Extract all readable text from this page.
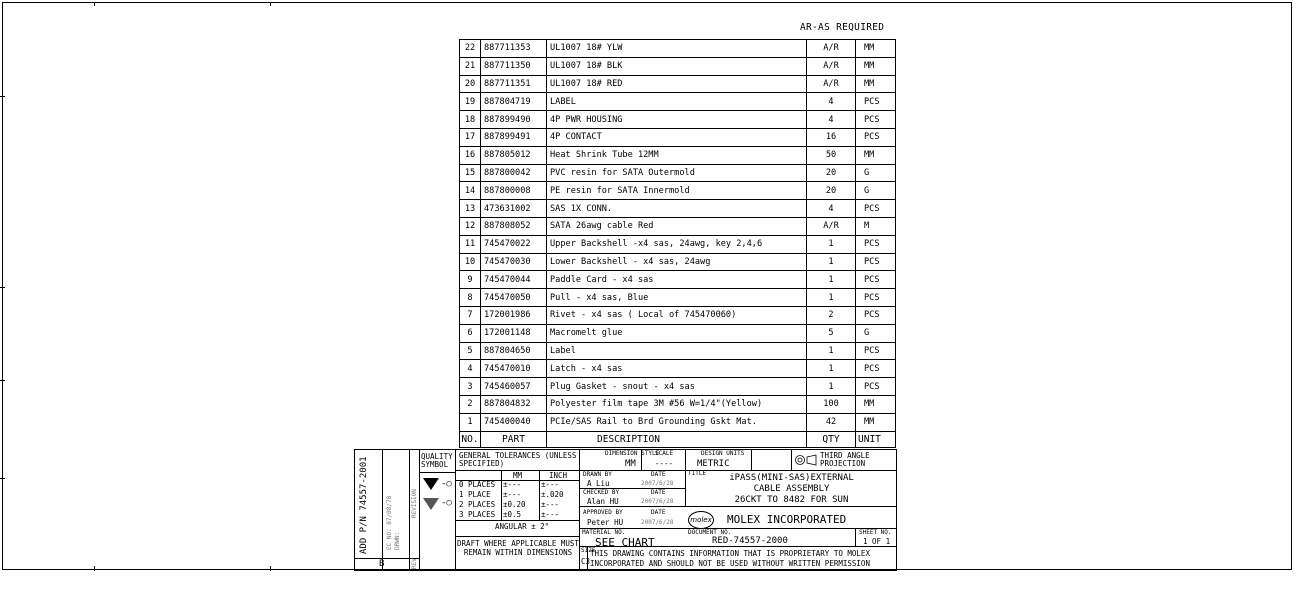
AR-AS REQUIRED
22	887711353	UL1007 18# YLW	A/R	MM
21	887711350	UL1007 18# BLK	A/R	MM
20	887711351	UL1007 18# RED	A/R	MM
19	887804719	LABEL	4	PCS
18	887899490	4P PWR HOUSING	4	PCS
17	887899491	4P CONTACT	16	PCS
16	887805012	Heat Shrink Tube 12MM	50	MM
15	887800042	PVC resin for SATA Outermold	20	G
14	887800008	PE resin for SATA Innermold	20	G
13	473631002	SAS 1X CONN.	4	PCS
12	887808052	SATA 26awg cable Red	A/R	M
11	745470022	Upper Backshell -x4 sas, 24awg, key 2,4,6	1	PCS
10	745470030	Lower Backshell - x4 sas, 24awg	1	PCS
9	745470044	Paddle Card - x4 sas	1	PCS
8	745470050	Pull - x4 sas, Blue	1	PCS
7	172001986	Rivet - x4 sas ( Local of 745470060)	2	PCS
6	172001148	Macromelt glue	5	G
5	887804650	Label	1	PCS
4	745470010	Latch - x4 sas	1	PCS
3	745460057	Plug Gasket - snout - x4 sas	1	PCS
2	887804832	Polyester film tape 3M #56 W=1/4"(Yellow)	100	MM
1	745400040	PCIe/SAS Rail to Brd Grounding Gskt Mat.	42	MM
NO.	PART	DESCRIPTION	QTY	UNIT
ADD P/N 74557-2001
B
EC NO: 07/08/78 DRWN:
REVISION
REV
QUALITY SYMBOL
-○
-○
GENERAL TOLERANCES (UNLESS SPECIFIED)
MM	INCH
ANGULAR ± 2°
DRAFT WHERE APPLICABLE MUST REMAIN WITHIN DIMENSIONS
DIMENSION STYLE
MM
SCALE
----
DESIGN UNITS
METRIC
THIRD ANGLE PROJECTION
DRAWN BY	DATE
A Liu	2007/6/28
CHECKED BY	DATE
Alan HU	2007/6/28
APPROVED BY	DATE
Peter HU	2007/6/28
TITLE	iPASS(MINI-SAS)EXTERNAL
CABLE ASSEMBLY
26CKT TO 8482 FOR SUN
molex MOLEX INCORPORATED
MATERIAL NO.
SEE CHART
DOCUMENT NO.
RED-74557-2000
SHEET NO.
1 OF 1
SIZE
C3
THIS DRAWING CONTAINS INFORMATION THAT IS PROPRIETARY TO MOLEX
INCORPORATED AND SHOULD NOT BE USED WITHOUT WRITTEN PERMISSION
0 PLACES ±---	±---
1 PLACE ±---	±.020
2 PLACES ±0.20 ±---
3 PLACES ±0.5	±---
